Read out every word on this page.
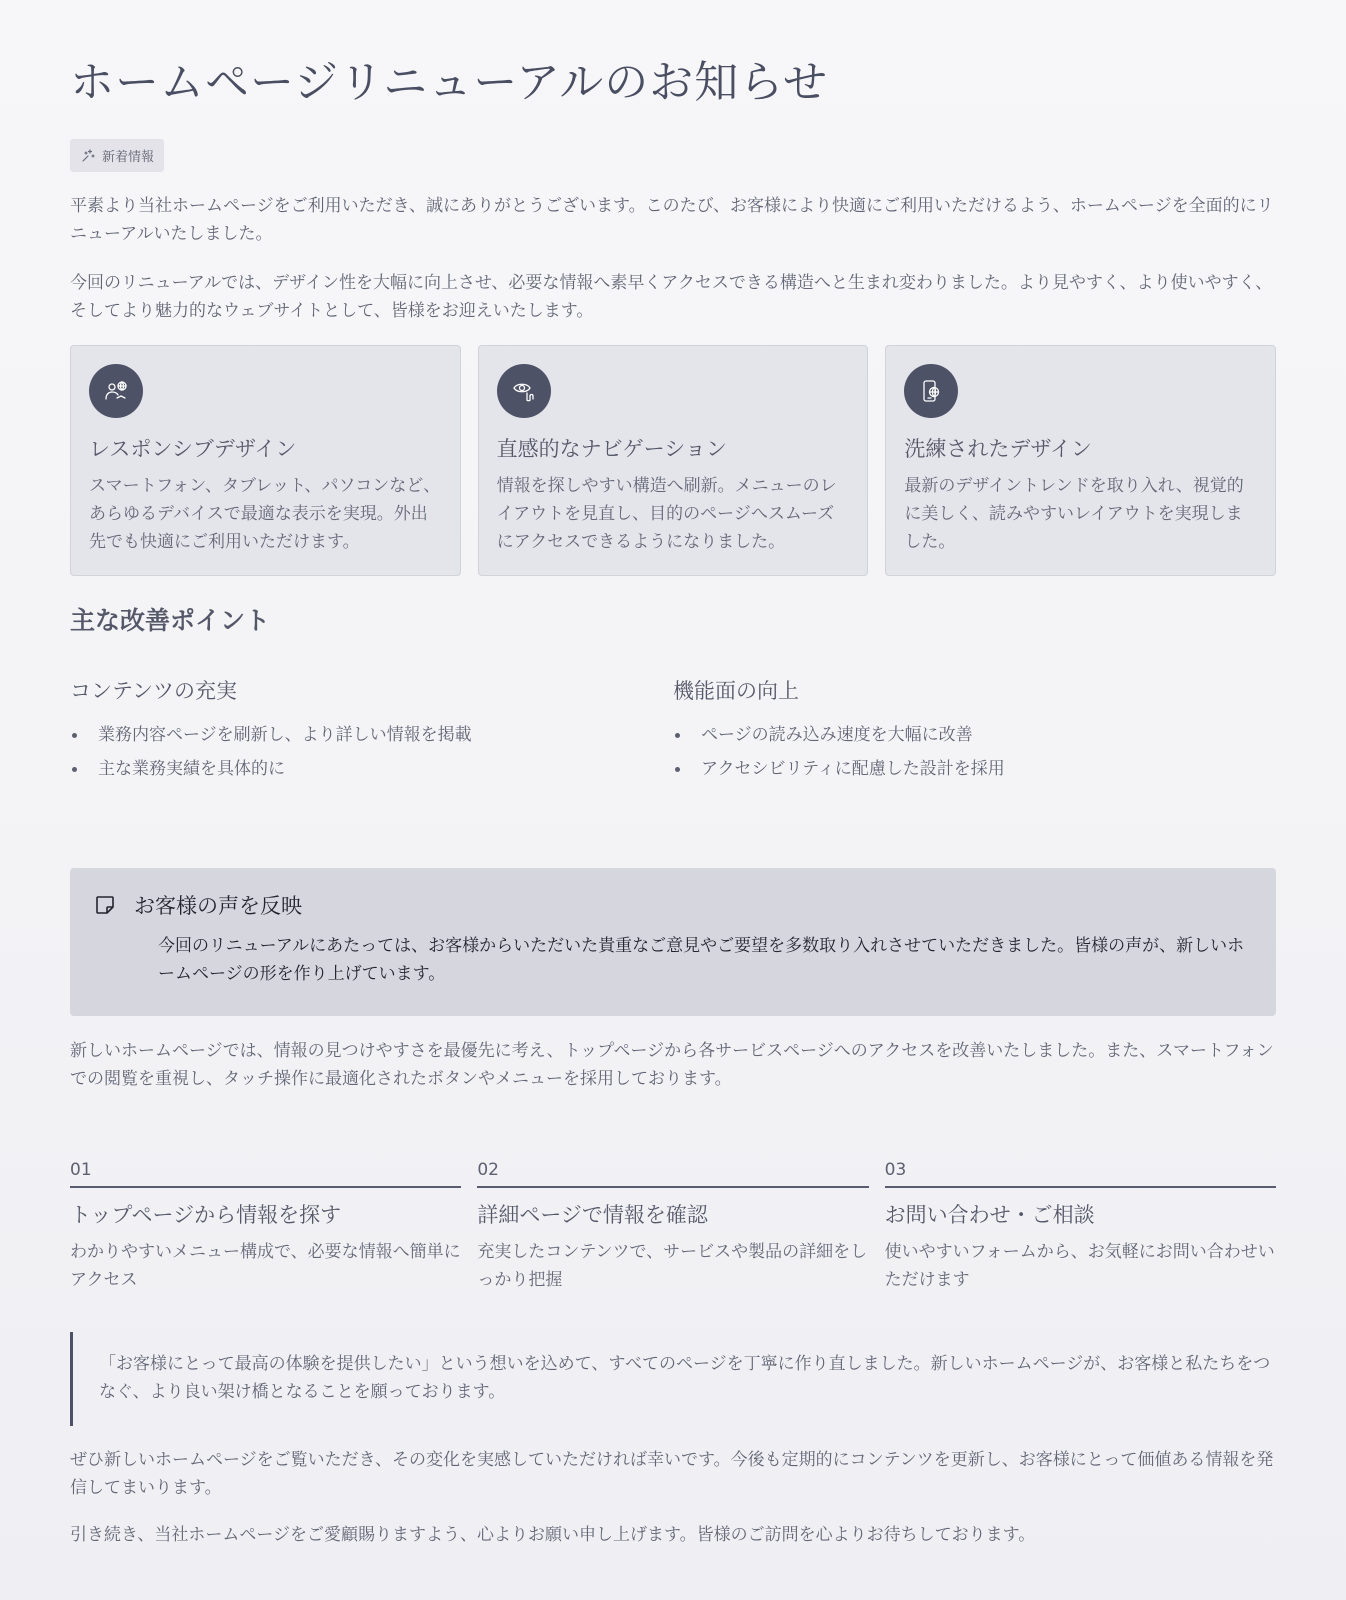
ホームページリニューアルのお知らせ
新着情報

平素より当社ホームページをご利用いただき、誠にありがとうございます。このたび、お客様により快適にご利用いただけるよう、ホームページを全面的にリニューアルいたしました。

今回のリニューアルでは、デザイン性を大幅に向上させ、必要な情報へ素早くアクセスできる構造へと生まれ変わりました。より見やすく、より使いやすく、そしてより魅力的なウェブサイトとして、皆様をお迎えいたします。

レスポンシブデザイン
スマートフォン、タブレット、パソコンなど、あらゆるデバイスで最適な表示を実現。外出先でも快適にご利用いただけます。
直感的なナビゲーション
情報を探しやすい構造へ刷新。メニューのレイアウトを見直し、目的のページへスムーズにアクセスできるようになりました。
洗練されたデザイン
最新のデザイントレンドを取り入れ、視覚的に美しく、読みやすいレイアウトを実現しました。
主な改善ポイント
コンテンツの充実
業務内容ページを刷新し、より詳しい情報を掲載
主な業務実績を具体的に
機能面の向上
ページの読み込み速度を大幅に改善
アクセシビリティに配慮した設計を採用
お客様の声を反映

今回のリニューアルにあたっては、お客様からいただいた貴重なご意見やご要望を多数取り入れさせていただきました。皆様の声が、新しいホームページの形を作り上げています。

新しいホームページでは、情報の見つけやすさを最優先に考え、トップページから各サービスページへのアクセスを改善いたしました。また、スマートフォンでの閲覧を重視し、タッチ操作に最適化されたボタンやメニューを採用しております。

01
トップページから情報を探す
わかりやすいメニュー構成で、必要な情報へ簡単にアクセス
02
詳細ページで情報を確認
充実したコンテンツで、サービスや製品の詳細をしっかり把握
03
お問い合わせ・ご相談
使いやすいフォームから、お気軽にお問い合わせいただけます
「お客様にとって最高の体験を提供したい」という想いを込めて、すべてのページを丁寧に作り直しました。新しいホームページが、お客様と私たちをつなぐ、より良い架け橋となることを願っております。

ぜひ新しいホームページをご覧いただき、その変化を実感していただければ幸いです。今後も定期的にコンテンツを更新し、お客様にとって価値ある情報を発信してまいります。

引き続き、当社ホームページをご愛顧賜りますよう、心よりお願い申し上げます。皆様のご訪問を心よりお待ちしております。
